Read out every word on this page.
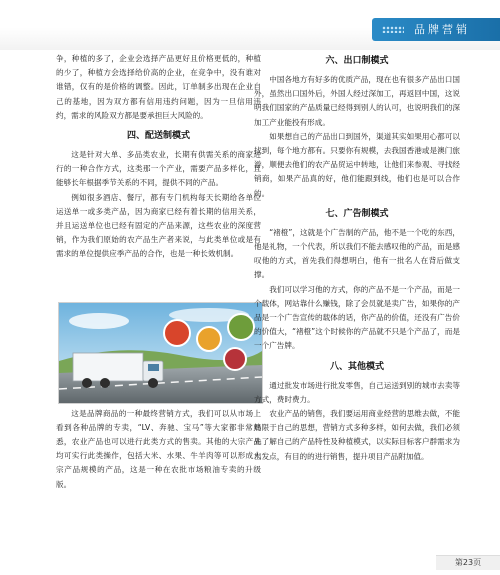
品牌营销

争，种植的多了，企业会选择产品更好且价格更低的，种植的少了，种植方会选择给价高的企业，在竞争中，没有谁对谁错，仅有的是价格的调整。因此，订单制多出现在企业自己的基地，因为双方都有信用违约问题，因为一旦信用违约，需求的风险双方都是要承担巨大风险的。

四、配送制模式

这是针对大单、多品类农业，长期有供需关系的商家进行的一种合作方式，这类那一个产业，需要产品多样化，且能够长年根据季节关系的不同，提供不同的产品。

例如很多酒店、餐厅，都有专门机构每天长期给各单位运送单一或多类产品，因为商家已经有着长期的信用关系，并且运送单位也已经有固定的产品来源，这些农业的深度营销，作为我们原始的农产品生产者来说，与此类单位或是有需求的单位提供应季产品的合作，也是一种长效机制。

这是品牌商品的一种最终营销方式，我们可以从市场上看到各种品牌的专卖，“LV、奔驰、宝马”等大家都非常熟悉，农业产品也可以进行此类方式的售卖。其他的大宗产品均可实行此类操作，包括大米、水果、牛羊肉等可以形成大宗产品规模的产品，这是一种在农批市场粮油专卖的升级版。

六、出口制模式

中国各地方有好多的优质产品，现在也有很多产品出口国外，虽然出口国外后，外国人经过深加工，再返回中国，这说明我们国家的产品质量已经得到别人的认可，也说明我们的深加工产业能投有形成。

如果想自己的产品出口到国外，渠道其实如果用心都可以找到，每个地方都有。只要你有规模，去我国香港或是澳门旅游，顺便去他们的农产品贸运中转地，让他们来参观、寻找经销商，如果产品真的好，他们能跟到线，他们也是可以合作的。

七、广告制模式

“褚橙”，这就是个广告制的产品，他不是一个吃的东西，他是礼物，一个代表，所以我们不能去感叹他的产品，而是感叹他的方式，首先我们得想明白，他有一批名人在背后做支撑。

我们可以学习他的方式，你的产品不是一个产品，而是一个载体，网站靠什么赚钱，除了会员就是卖广告，如果你的产品是一个广告宣传的载体的话，你产品的价值，还没有广告价的价值大，“褚橙”这个时候你的产品就不只是个产品了，而是一个广告牌。

八、其他模式

通过批发市场进行批发零售，自己运送到别的城市去卖等方式，费时费力。

农业产品的销售，我们要运用商业经营的思维去做，不能局限于自己的思想，营销方式多种多样，如何去做，我们必须先了解自己的产品特性及种植模式，以实际目标客户群需求为出发点，有目的的进行销售，提升项目产品附加值。

第23页
